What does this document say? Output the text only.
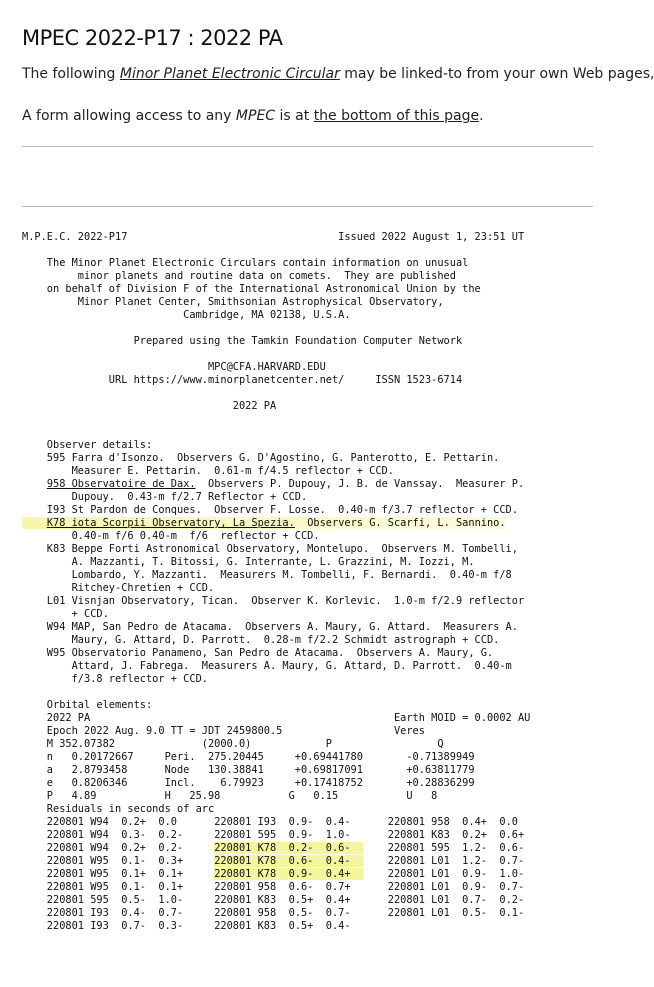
MPEC 2022-P17 : 2022 PA
The following Minor Planet Electronic Circular may be linked-to from your own Web pages,
A form allowing access to any MPEC is at the bottom of this page.
M.P.E.C. 2022-P17                                  Issued 2022 August 1, 23:51 UT
The Minor Planet Electronic Circulars contain information on unusual
minor planets and routine data on comets.  They are published
on behalf of Division F of the International Astronomical Union by the
Minor Planet Center, Smithsonian Astrophysical Observatory,
Cambridge, MA 02138, U.S.A.
Prepared using the Tamkin Foundation Computer Network
MPC@CFA.HARVARD.EDU
URL https://www.minorplanetcenter.net/     ISSN 1523-6714
2022 PA
Observer details:
595 Farra d'Isonzo.  Observers G. D'Agostino, G. Panterotto, E. Pettarin.
Measurer E. Pettarin.  0.61-m f/4.5 reflector + CCD.
958 Observatoire de Dax.  Observers P. Dupouy, J. B. de Vanssay.  Measurer P.
Dupouy.  0.43-m f/2.7 Reflector + CCD.
I93 St Pardon de Conques.  Observer F. Losse.  0.40-m f/3.7 reflector + CCD.
K78 iota Scorpii Observatory, La Spezia.  Observers G. Scarfi, L. Sannino.
0.40-m f/6 0.40-m  f/6  reflector + CCD.
K83 Beppe Forti Astronomical Observatory, Montelupo.  Observers M. Tombelli,
A. Mazzanti, T. Bitossi, G. Interrante, L. Grazzini, M. Iozzi, M.
Lombardo, Y. Mazzanti.  Measurers M. Tombelli, F. Bernardi.  0.40-m f/8
Ritchey-Chretien + CCD.
L01 Visnjan Observatory, Tican.  Observer K. Korlevic.  1.0-m f/2.9 reflector
+ CCD.
W94 MAP, San Pedro de Atacama.  Observers A. Maury, G. Attard.  Measurers A.
Maury, G. Attard, D. Parrott.  0.28-m f/2.2 Schmidt astrograph + CCD.
W95 Observatorio Panameno, San Pedro de Atacama.  Observers A. Maury, G.
Attard, J. Fabrega.  Measurers A. Maury, G. Attard, D. Parrott.  0.40-m
f/3.8 reflector + CCD.
Orbital elements:
2022 PA                                                 Earth MOID = 0.0002 AU
Epoch 2022 Aug. 9.0 TT = JDT 2459800.5                  Veres
M 352.07382              (2000.0)            P                 Q
n   0.20172667     Peri.  275.20445     +0.69441780       -0.71389949
a   2.8793458      Node   130.38841     +0.69817091       +0.63811779
e   0.8206346      Incl.    6.79923     +0.17418752       +0.28836299
P   4.89           H   25.98           G   0.15           U   8
Residuals in seconds of arc
220801 W94  0.2+  0.0      220801 I93  0.9-  0.4-      220801 958  0.4+  0.0
220801 W94  0.3-  0.2-     220801 595  0.9-  1.0-      220801 K83  0.2+  0.6+
220801 W94  0.2+  0.2-     220801 K78  0.2-  0.6-      220801 595  1.2-  0.6-
220801 W95  0.1-  0.3+     220801 K78  0.6-  0.4-      220801 L01  1.2-  0.7-
220801 W95  0.1+  0.1+     220801 K78  0.9-  0.4+      220801 L01  0.9-  1.0-
220801 W95  0.1-  0.1+     220801 958  0.6-  0.7+      220801 L01  0.9-  0.7-
220801 595  0.5-  1.0-     220801 K83  0.5+  0.4+      220801 L01  0.7-  0.2-
220801 I93  0.4-  0.7-     220801 958  0.5-  0.7-      220801 L01  0.5-  0.1-
220801 I93  0.7-  0.3-     220801 K83  0.5+  0.4-
